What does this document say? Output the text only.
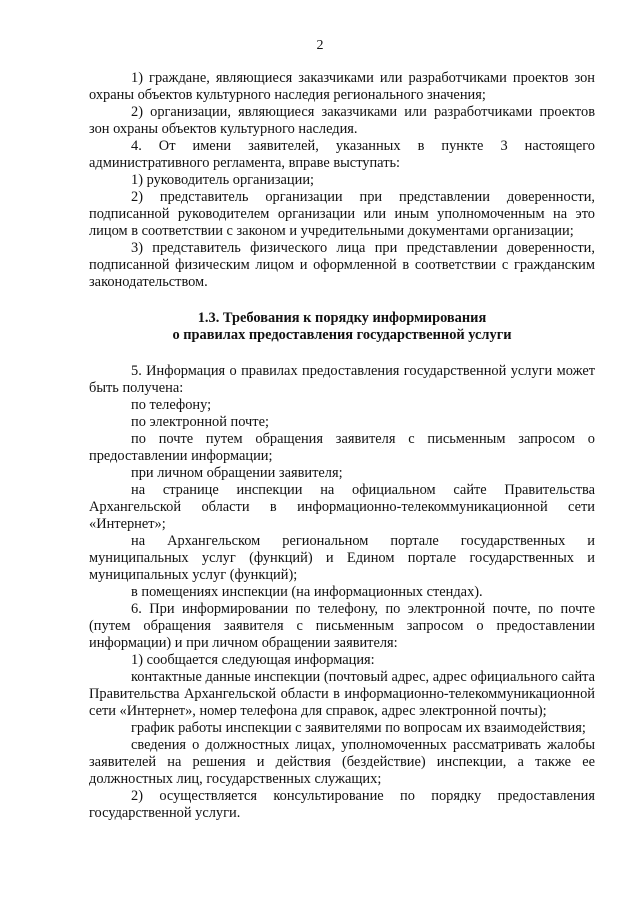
2

1) граждане, являющиеся заказчиками или разработчиками проектов зон охраны объектов культурного наследия регионального значения;

2) организации, являющиеся заказчиками или разработчиками проектов зон охраны объектов культурного наследия.

4. От имени заявителей, указанных в пункте 3 настоящего административного регламента, вправе выступать:

1) руководитель организации;

2) представитель организации при представлении доверенности, подписанной руководителем организации или иным уполномоченным на это лицом в соответствии с законом и учредительными документами организации;

3) представитель физического лица при представлении доверенности, подписанной физическим лицом и оформленной в соответствии с гражданским законодательством.

1.3. Требования к порядку информирования

о правилах предоставления государственной услуги

5. Информация о правилах предоставления государственной услуги может быть получена:

по телефону;

по электронной почте;

по почте путем обращения заявителя с письменным запросом о предоставлении информации;

при личном обращении заявителя;

на странице инспекции на официальном сайте Правительства Архангельской области в информационно-телекоммуникационной сети «Интернет»;

на Архангельском региональном портале государственных и муниципальных услуг (функций) и Едином портале государственных и муниципальных услуг (функций);

в помещениях инспекции (на информационных стендах).

6. При информировании по телефону, по электронной почте, по почте (путем обращения заявителя с письменным запросом о предоставлении информации) и при личном обращении заявителя:

1) сообщается следующая информация:

контактные данные инспекции (почтовый адрес, адрес официального сайта Правительства Архангельской области в информационно-телекоммуникационной сети «Интернет», номер телефона для справок, адрес электронной почты);

график работы инспекции с заявителями по вопросам их взаимодействия;

сведения о должностных лицах, уполномоченных рассматривать жалобы заявителей на решения и действия (бездействие) инспекции, а также ее должностных лиц, государственных служащих;

2) осуществляется консультирование по порядку предоставления государственной услуги.
